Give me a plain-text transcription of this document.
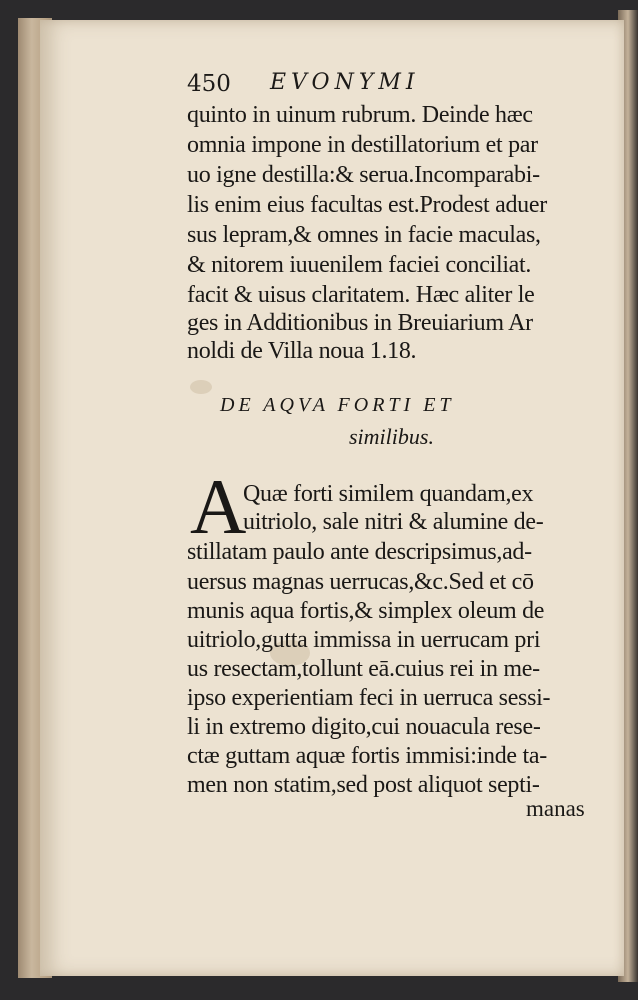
450 EVONYMI
quinto in uinum rubrum. Deinde hæc
omnia impone in destillatorium et par
uo igne destilla:& serua.Incomparabi-
lis enim eius facultas est.Prodest aduer
sus lepram,& omnes in facie maculas,
& nitorem iuuenilem faciei conciliat.
facit & uisus claritatem. Hæc aliter le
ges in Additionibus in Breuiarium Ar
noldi de Villa noua 1.18.
DE AQVA FORTI ET
similibus.
A
Quæ forti similem quandam,ex
uitriolo, sale nitri & alumine de-
stillatam paulo ante descripsimus,ad-
uersus magnas uerrucas,&c.Sed et cō
munis aqua fortis,& simplex oleum de
uitriolo,gutta immissa in uerrucam pri
us resectam,tollunt eā.cuius rei in me-
ipso experientiam feci in uerruca sessi-
li in extremo digito,cui nouacula rese-
ctæ guttam aquæ fortis immisi:inde ta-
men non statim,sed post aliquot septi-
manas
